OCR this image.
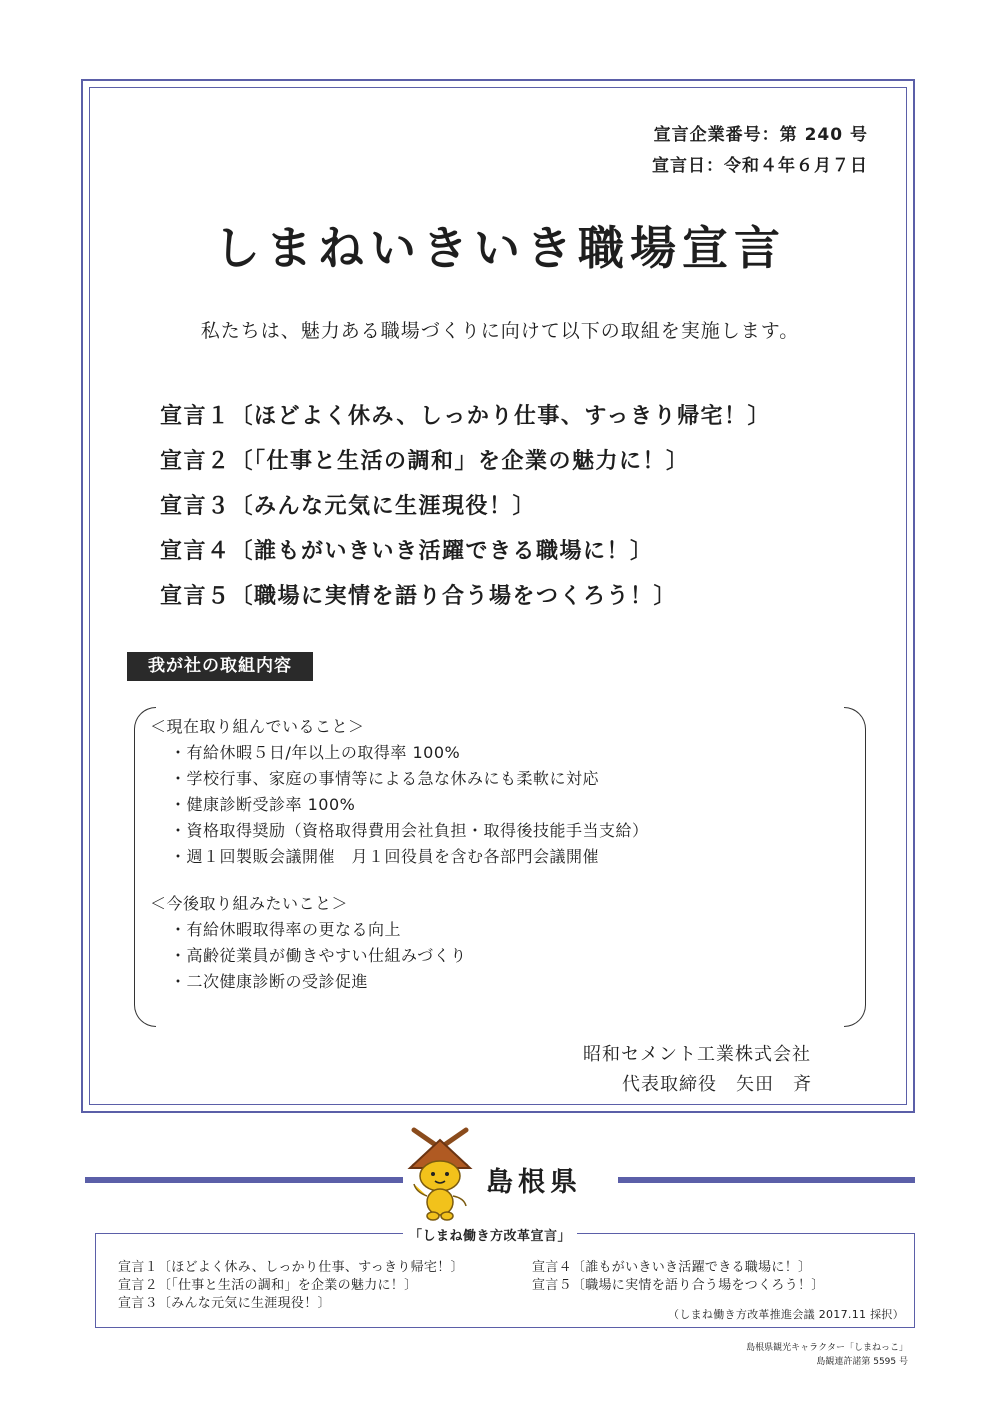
宣言企業番号：第 240 号
宣言日：令和４年６月７日
しまねいきいき職場宣言
私たちは、魅力ある職場づくりに向けて以下の取組を実施します。
宣言１〔ほどよく休み、しっかり仕事、すっきり帰宅！〕
宣言２〔「仕事と生活の調和」を企業の魅力に！〕
宣言３〔みんな元気に生涯現役！〕
宣言４〔誰もがいきいき活躍できる職場に！〕
宣言５〔職場に実情を語り合う場をつくろう！〕
我が社の取組内容
＜現在取り組んでいること＞
・有給休暇５日/年以上の取得率 100%
・学校行事、家庭の事情等による急な休みにも柔軟に対応
・健康診断受診率 100%
・資格取得奨励（資格取得費用会社負担・取得後技能手当支給）
・週１回製販会議開催　月１回役員を含む各部門会議開催
＜今後取り組みたいこと＞
・有給休暇取得率の更なる向上
・高齢従業員が働きやすい仕組みづくり
・二次健康診断の受診促進
昭和セメント工業株式会社
代表取締役　矢田　斉
島根県
「しまね働き方改革宣言」
宣言１〔ほどよく休み、しっかり仕事、すっきり帰宅！〕
宣言２〔「仕事と生活の調和」を企業の魅力に！〕
宣言３〔みんな元気に生涯現役！〕
宣言４〔誰もがいきいき活躍できる職場に！〕
宣言５〔職場に実情を語り合う場をつくろう！〕
（しまね働き方改革推進会議 2017.11 採択）
島根県観光キャラクター「しまねっこ」
島観連許諾第 5595 号
